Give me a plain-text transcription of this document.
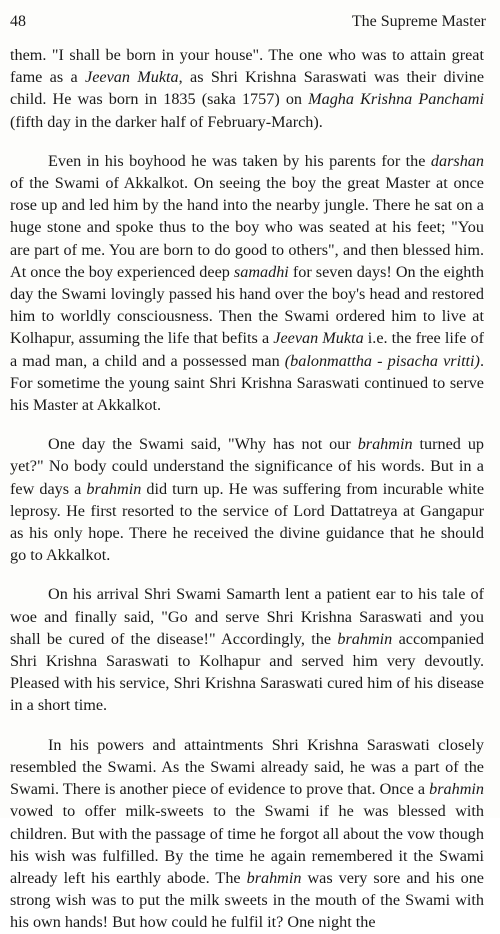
48	The Supreme Master

them. "I shall be born in your house". The one who was to attain great fame as a Jeevan Mukta, as Shri Krishna Saraswati was their divine child. He was born in 1835 (saka 1757) on Magha Krishna Panchami (fifth day in the darker half of February-March).

Even in his boyhood he was taken by his parents for the darshan of the Swami of Akkalkot. On seeing the boy the great Master at once rose up and led him by the hand into the nearby jungle. There he sat on a huge stone and spoke thus to the boy who was seated at his feet; "You are part of me. You are born to do good to others", and then blessed him. At once the boy experienced deep samadhi for seven days! On the eighth day the Swami lovingly passed his hand over the boy's head and restored him to worldly consciousness. Then the Swami ordered him to live at Kolhapur, assuming the life that befits a Jeevan Mukta i.e. the free life of a mad man, a child and a possessed man (balonmattha - pisacha vritti). For sometime the young saint Shri Krishna Saraswati continued to serve his Master at Akkalkot.

One day the Swami said, "Why has not our brahmin turned up yet?" No body could understand the significance of his words. But in a few days a brahmin did turn up. He was suffering from incurable white leprosy. He first resorted to the service of Lord Dattatreya at Gangapur as his only hope. There he received the divine guidance that he should go to Akkalkot.

On his arrival Shri Swami Samarth lent a patient ear to his tale of woe and finally said, "Go and serve Shri Krishna Saraswati and you shall be cured of the disease!" Accordingly, the brahmin accompanied Shri Krishna Saraswati to Kolhapur and served him very devoutly. Pleased with his service, Shri Krishna Saraswati cured him of his disease in a short time.

In his powers and attaintments Shri Krishna Saraswati closely resembled the Swami. As the Swami already said, he was a part of the Swami. There is another piece of evidence to prove that. Once a brahmin vowed to offer milk-sweets to the Swami if he was blessed with children. But with the passage of time he forgot all about the vow though his wish was fulfilled. By the time he again remembered it the Swami already left his earthly abode. The brahmin was very sore and his one strong wish was to put the milk sweets in the mouth of the Swami with his own hands! But how could he fulfil it? One night the
